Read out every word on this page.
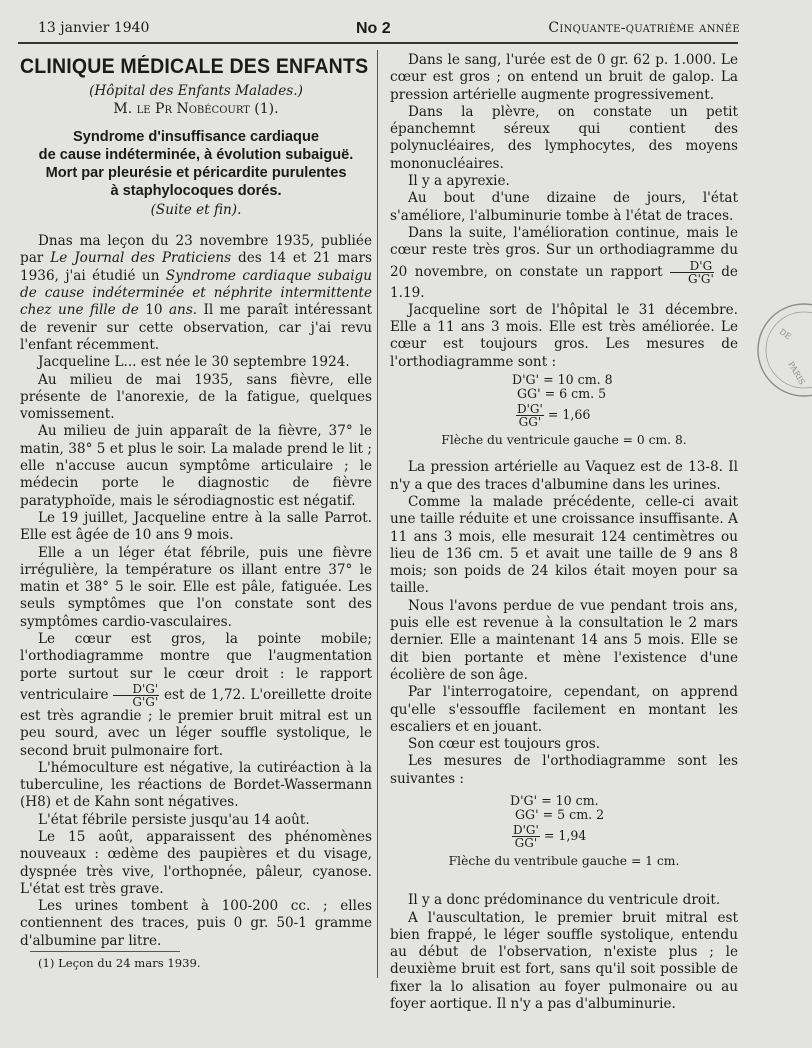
13 janvier 1940	No 2	Cinquante-quatrième année
CLINIQUE MÉDICALE DES ENFANTS
(Hôpital des Enfants Malades.)
M. le Pr Nobécourt (1).
Syndrome d'insuffisance cardiaque
de cause indéterminée, à évolution subaiguë.
Mort par pleurésie et péricardite purulentes
à staphylocoques dorés.
(Suite et fin).

Dnas ma leçon du 23 novembre 1935, publiée par Le Journal des Praticiens des 14 et 21 mars 1936, j'ai étudié un Syndrome cardiaque subaigu de cause indéterminée et néphrite intermittente chez une fille de 10 ans. Il me paraît intéressant de revenir sur cette observation, car j'ai revu l'enfant récemment.

Jacqueline L... est née le 30 septembre 1924.

Au milieu de mai 1935, sans fièvre, elle présente de l'anorexie, de la fatigue, quelques vomissement.

Au milieu de juin apparaît de la fièvre, 37° le matin, 38° 5 et plus le soir. La malade prend le lit ; elle n'accuse aucun symptôme articulaire ; le médecin porte le diagnostic de fièvre paratyphoïde, mais le sérodiagnostic est négatif.

Le 19 juillet, Jacqueline entre à la salle Parrot. Elle est âgée de 10 ans 9 mois.

Elle a un léger état fébrile, puis une fièvre irrégulière, la température os illant entre 37° le matin et 38° 5 le soir. Elle est pâle, fatiguée. Les seuls symptômes que l'on constate sont des symptômes cardio-vasculaires.

Le cœur est gros, la pointe mobile; l'orthodiagramme montre que l'augmentation porte surtout sur le cœur droit : le rapport ventriculaire $\frac{D'G'}{G'G'}$ est de 1,72. L'oreillette droite est très agrandie ; le premier bruit mitral est un peu sourd, avec un léger souffle systolique, le second bruit pulmonaire fort.

L'hémoculture est négative, la cutiréaction à la tuberculine, les réactions de Bordet-Wassermann (H8) et de Kahn sont négatives.

L'état fébrile persiste jusqu'au 14 août.

Le 15 août, apparaissent des phénomènes nouveaux : œdème des paupières et du visage, dyspnée très vive, l'orthopnée, pâleur, cyanose. L'état est très grave.

Les urines tombent à 100-200 cc. ; elles contiennent des traces, puis 0 gr. 50-1 gramme d'albumine par litre.

(1) Leçon du 24 mars 1939.

Dans le sang, l'urée est de 0 gr. 62 p. 1.000. Le cœur est gros ; on entend un bruit de galop. La pression artérielle augmente progressivement.

Dans la plèvre, on constate un petit épanchemnt séreux qui contient des polynucléaires, des lymphocytes, des moyens mononucléaires.

Il y a apyrexie.

Au bout d'une dizaine de jours, l'état s'améliore, l'albuminurie tombe à l'état de traces.

Dans la suite, l'amélioration continue, mais le cœur reste très gros. Sur un orthodiagramme du 20 novembre, on constate un rapport $\frac{D'G}{G'G'}$ de 1.19.

Jacqueline sort de l'hôpital le 31 décembre. Elle a 11 ans 3 mois. Elle est très améliorée. Le cœur est toujours gros. Les mesures de l'orthodiagramme sont :

D'G' = 10 cm. 8
GG' = 6 cm. 5
$\frac{D'G'}{GG'} = 1,66$
Flèche du ventricule gauche = 0 cm. 8.

La pression artérielle au Vaquez est de 13-8. Il n'y a que des traces d'albumine dans les urines.

Comme la malade précédente, celle-ci avait une taille réduite et une croissance insuffisante. A 11 ans 3 mois, elle mesurait 124 centimètres ou lieu de 136 cm. 5 et avait une taille de 9 ans 8 mois; son poids de 24 kilos était moyen pour sa taille.

Nous l'avons perdue de vue pendant trois ans, puis elle est revenue à la consultation le 2 mars dernier. Elle a maintenant 14 ans 5 mois. Elle se dit bien portante et mène l'existence d'une écolière de son âge.

Par l'interrogatoire, cependant, on apprend qu'elle s'essouffle facilement en montant les escaliers et en jouant.

Son cœur est toujours gros.

Les mesures de l'orthodiagramme sont les suivantes :

D'G' = 10 cm.
GG' = 5 cm. 2
$\frac{D'G'}{GG'} = 1,94$
Flèche du ventribule gauche = 1 cm.

Il y a donc prédominance du ventricule droit.

A l'auscultation, le premier bruit mitral est bien frappé, le léger souffle systolique, entendu au début de l'observation, n'existe plus ; le deuxième bruit est fort, sans qu'il soit possible de fixer la lo alisation au foyer pulmonaire ou au foyer aortique. Il n'y a pas d'albuminurie.

DE
PARIS
